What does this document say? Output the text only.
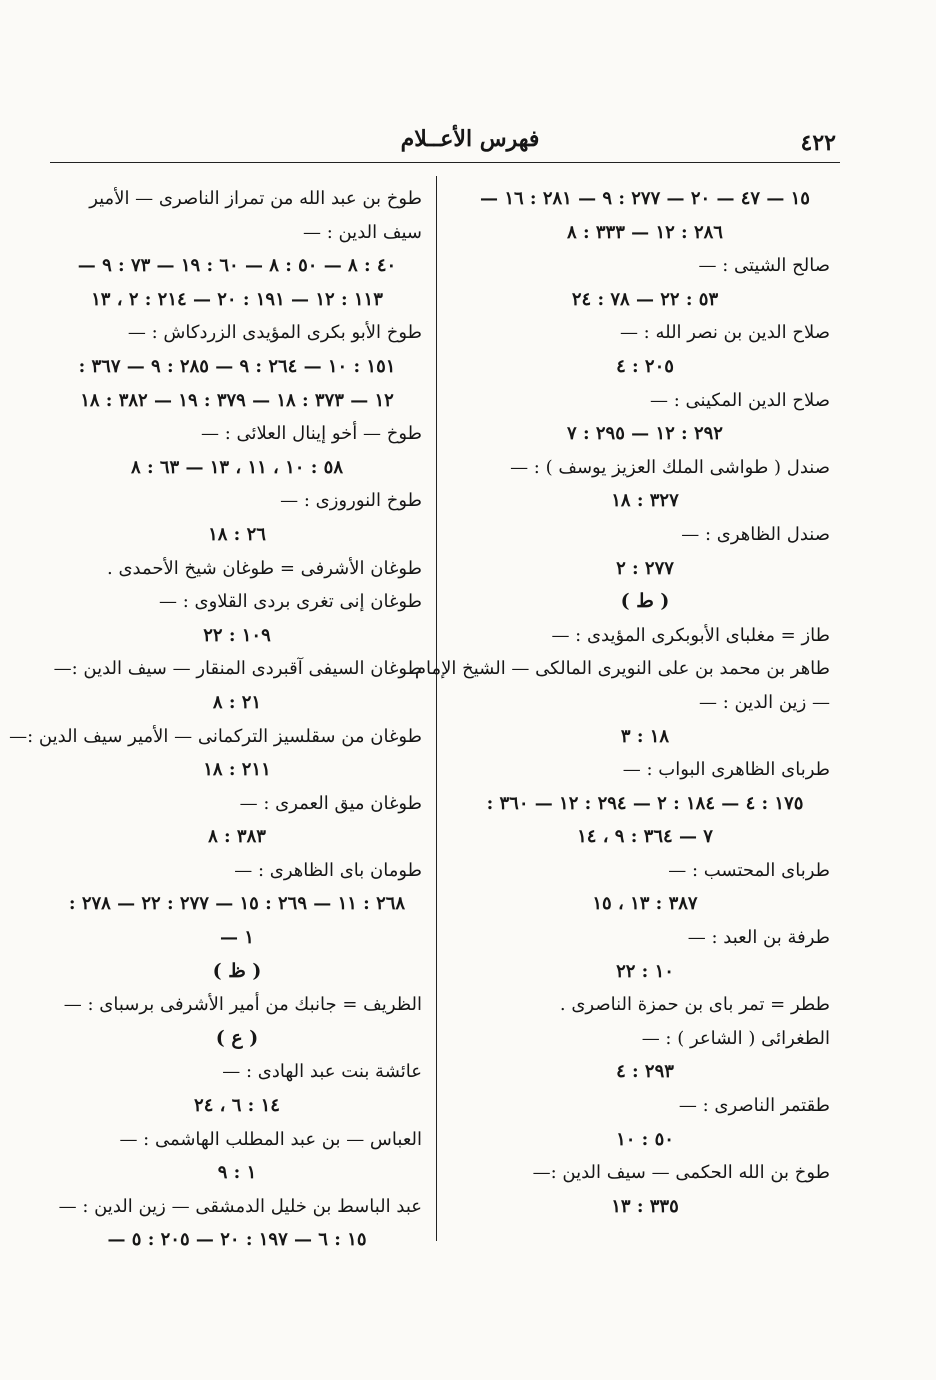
٤٢٢
فهرس الأعــلام
١٥ — ٤٧ — ٢٠ — ٢٧٧ : ٩ — ٢٨١ : ١٦ —
٢٨٦ : ١٢ — ٣٣٣ : ٨
صالح الشيتى : —
٥٣ : ٢٢ — ٧٨ : ٢٤
صلاح الدين بن نصر الله : —
٢٠٥ : ٤
صلاح الدين المكينى : —
٢٩٢ : ١٢ — ٢٩٥ : ٧
صندل ( طواشى الملك العزيز يوسف ) : —
٣٢٧ : ١٨
صندل الظاهرى : —
٢٧٧ : ٢
( ط )
طاز = مغلباى الأبوبكرى المؤيدى : —
طاهر بن محمد بن على النويرى المالكى — الشيخ الإمام
— زين الدين : —
١٨ : ٣
طرباى الظاهرى البواب : —
١٧٥ : ٤ — ١٨٤ : ٢ — ٢٩٤ : ١٢ — ٣٦٠ :
٧ — ٣٦٤ : ٩ ، ١٤
طرباى المحتسب : —
٣٨٧ : ١٣ ، ١٥
طرفة بن العبد : —
١٠ : ٢٢
ططر = تمر باى بن حمزة الناصرى .
الطغرائى ( الشاعر ) : —
٢٩٣ : ٤
طقتمر الناصرى : —
٥٠ : ١٠
طوخ بن الله الحكمى — سيف الدين :—
٣٣٥ : ١٣
طوخ بن عبد الله من تمراز الناصرى — الأمير
سيف الدين : —
٤٠ : ٨ — ٥٠ : ٨ — ٦٠ : ١٩ — ٧٣ : ٩ —
١١٣ : ١٢ — ١٩١ : ٢٠ — ٢١٤ : ٢ ، ١٣
طوخ الأبو بكرى المؤيدى الزردكاش : —
١٥١ : ١٠ — ٢٦٤ : ٩ — ٢٨٥ : ٩ — ٣٦٧ :
١٢ — ٣٧٣ : ١٨ — ٣٧٩ : ١٩ — ٣٨٢ : ١٨
طوخ — أخو إينال العلائى : —
٥٨ : ١٠ ، ١١ ، ١٣ — ٦٣ : ٨
طوخ النوروزى : —
٢٦ : ١٨
طوغان الأشرفى = طوغان شيخ الأحمدى .
طوغان إنى تغرى بردى القلاوى : —
١٠٩ : ٢٢
طوغان السيفى آقبردى المنقار — سيف الدين :—
٢١ : ٨
طوغان من سقلسيز التركمانى — الأمير سيف الدين :—
٢١١ : ١٨
طوغان ميق العمرى : —
٣٨٣ : ٨
طومان باى الظاهرى : —
٢٦٨ : ١١ — ٢٦٩ : ١٥ — ٢٧٧ : ٢٢ — ٢٧٨ :
١ —
( ظ )
الظريف = جانبك من أمير الأشرفى برسباى : —
( ع )
عائشة بنت عبد الهادى : —
١٤ : ٦ ، ٢٤
العباس — بن عبد المطلب الهاشمى : —
١ : ٩
عبد الباسط بن خليل الدمشقى — زين الدين : —
١٥ : ٦ — ١٩٧ : ٢٠ — ٢٠٥ : ٥ —
